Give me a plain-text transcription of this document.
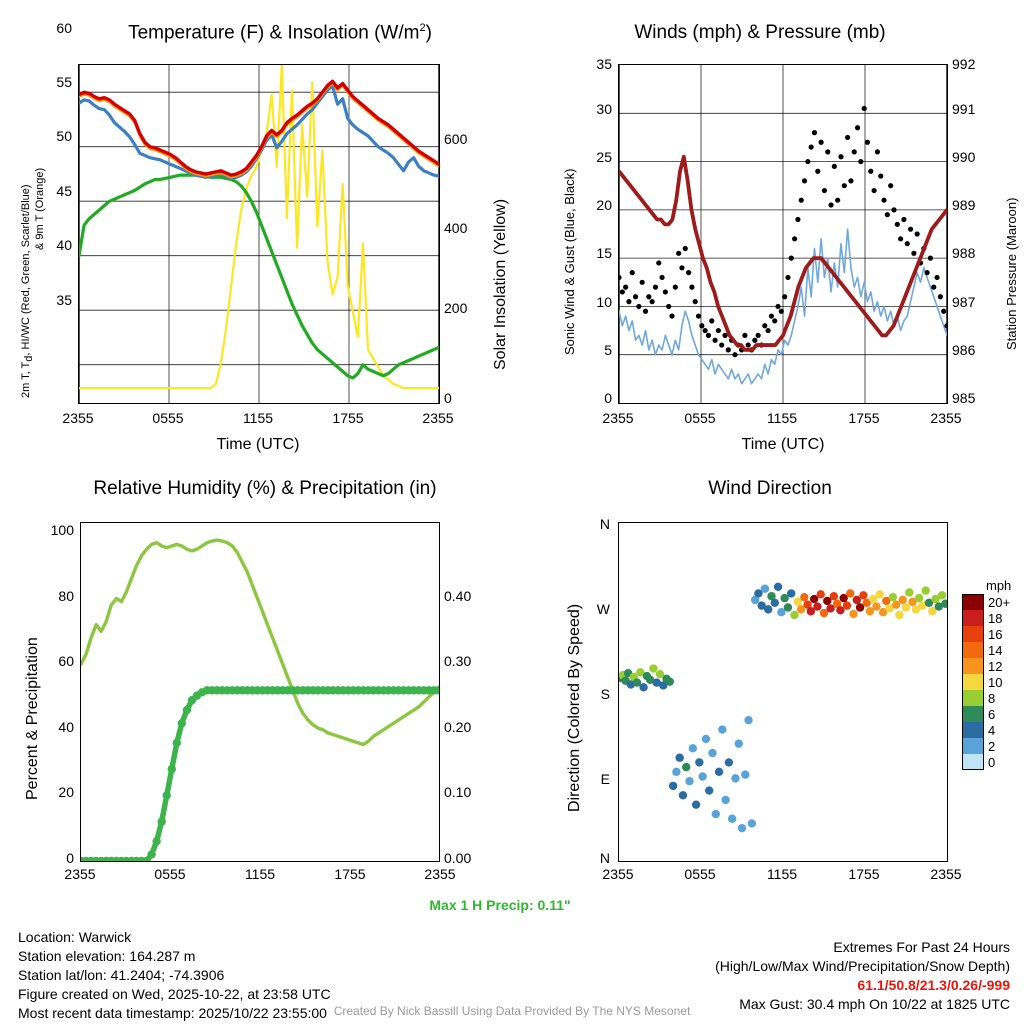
Temperature (F) & Insolation $(W/m^2)$
2m T, Td, HI/WC (Red, Green, Scarlet/Blue) & 9m T (Orange)	Solar Insolation (Yellow)
35
40
45
50
55
60
0
200
400
600
2355	0555	1155	1755	2355
Time (UTC)
Winds (mph) & Pressure (mb)
Sonic Wind & Gust (Blue, Black)	Station Pressure (Maroon)
0
5
10
15
20
25
30
35
985
986
987
988
989
990
991
992
2355	0555	1155	1755	2355
Time (UTC)
Relative Humidity (%) & Precipitation (in)
Percent & Precipitation
0
20
40
60
80
100
0.00
0.10
0.20
0.30
0.40
2355	0555	1155	1755	2355
Max 1 H Precip: 0.11"
Wind Direction
Direction (Colored By Speed)
N
W
S
E
N
2355	0555	1155	1755	2355
mph
20+
18
16
14
12
10
8
6
4
2
0
Location: Warwick
Station elevation: 164.287 m
Station lat/lon: 41.2404; -74.3906
Figure created on Wed, 2025-10-22, at 23:58 UTC
Most recent data timestamp: 2025/10/22 23:55:00
Extremes For Past 24 Hours
(High/Low/Max Wind/Precipitation/Snow Depth)
61.1/50.8/21.3/0.26/-999
Max Gust: 30.4 mph On 10/22 at 1825 UTC
Created By Nick Bassill Using Data Provided By The NYS Mesonet
